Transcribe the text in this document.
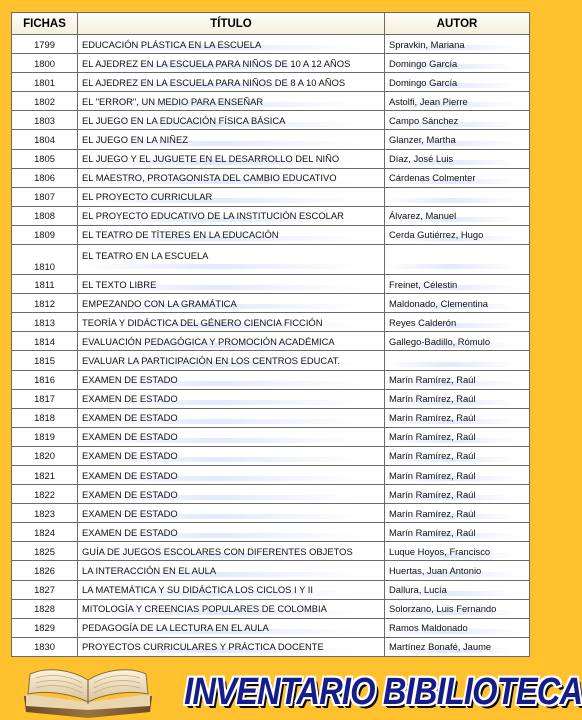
FICHAS	TÍTULO	AUTOR
1799	EDUCACIÓN PLÁSTICA EN LA ESCUELA	Spravkin, Mariana
1800	EL AJEDREZ EN LA ESCUELA PARA NIÑOS DE 10 A 12 AÑOS	Domingo García
1801	EL AJEDREZ EN LA ESCUELA PARA NIÑOS DE 8 A 10 AÑOS	Domingo García
1802	EL "ERROR", UN MEDIO PARA ENSEÑAR	Astolfi, Jean Pierre
1803	EL JUEGO EN LA EDUCACIÓN FÍSICA BÁSICA	Campo Sánchez
1804	EL JUEGO EN LA NIÑEZ	Glanzer, Martha
1805	EL JUEGO Y EL JUGUETE EN EL DESARROLLO DEL NIÑO	Díaz, José Luis
1806	EL MAESTRO, PROTAGONISTA DEL CAMBIO EDUCATIVO	Cárdenas Colmenter
1807	EL PROYECTO CURRICULAR	
1808	EL PROYECTO EDUCATIVO DE LA INSTITUCIÓN ESCOLAR	Álvarez, Manuel
1809	EL TEATRO DE TÍTERES EN LA EDUCACIÓN	Cerda Gutiérrez, Hugo
1810	EL TEATRO EN LA ESCUELA	
1811	EL TEXTO LIBRE	Freinet, Célestin
1812	EMPEZANDO CON LA GRAMÁTICA	Maldonado, Clementina
1813	TEORÍA Y DIDÁCTICA DEL GÉNERO CIENCIA FICCIÓN	Reyes Calderón
1814	EVALUACIÓN PEDAGÓGICA Y PROMOCIÓN ACADÉMICA	Gallego-Badillo, Rómulo
1815	EVALUAR LA PARTICIPACIÓN EN LOS CENTROS EDUCAT.	
1816	EXAMEN DE ESTADO	Marín Ramírez, Raúl
1817	EXAMEN DE ESTADO	Marín Ramírez, Raúl
1818	EXAMEN DE ESTADO	Marín Ramírez, Raúl
1819	EXAMEN DE ESTADO	Marín Ramírez, Raúl
1820	EXAMEN DE ESTADO	Marín Ramírez, Raúl
1821	EXAMEN DE ESTADO	Marín Ramírez, Raúl
1822	EXAMEN DE ESTADO	Marín Ramírez, Raúl
1823	EXAMEN DE ESTADO	Marín Ramírez, Raúl
1824	EXAMEN DE ESTADO	Marín Ramírez, Raúl
1825	GUÍA DE JUEGOS ESCOLARES CON DIFERENTES OBJETOS	Luque Hoyos, Francisco
1826	LA INTERACCIÓN EN EL AULA	Huertas, Juan Antonio
1827	LA MATEMÁTICA Y SU DIDÁCTICA LOS CICLOS I Y II	Dallura, Lucía
1828	MITOLOGÍA Y CREENCIAS POPULARES DE COLOMBIA	Solorzano, Luis Fernando
1829	PEDAGOGÍA DE LA LECTURA EN EL AULA	Ramos Maldonado
1830	PROYECTOS CURRICULARES Y PRÁCTICA DOCENTE	Martínez Bonafé, Jaume
INVENTARIO BIBILIOTECA
